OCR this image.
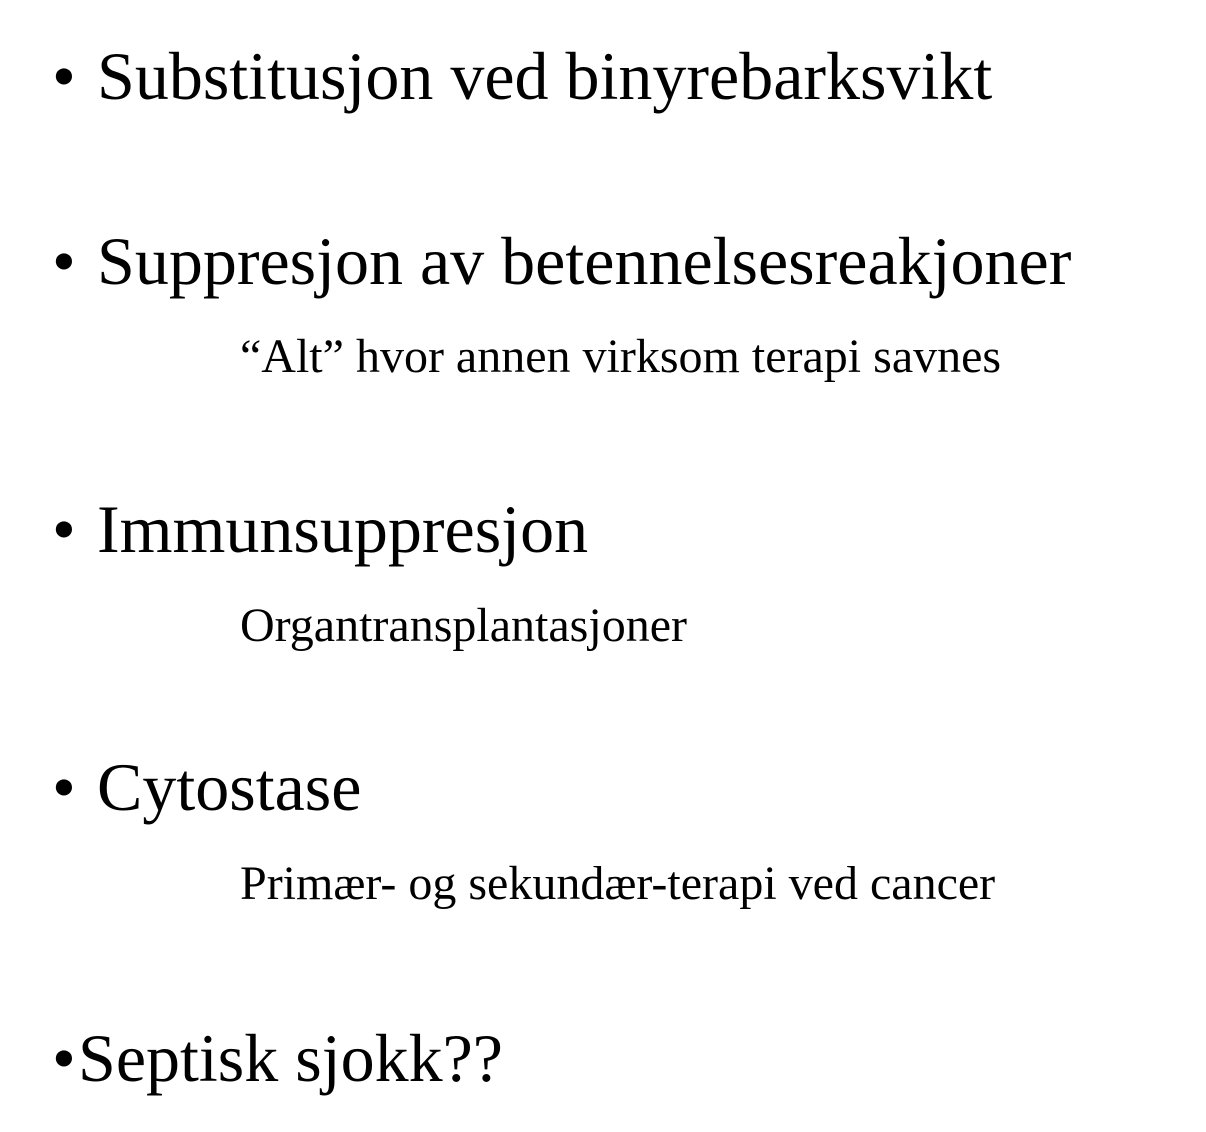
• Substitusjon ved binyrebarksvikt
• Suppresjon av betennelsesreakjoner
“Alt” hvor annen virksom terapi savnes
• Immunsuppresjon
Organtransplantasjoner
• Cytostase
Primær- og sekundær-terapi ved cancer
•Septisk sjokk??
